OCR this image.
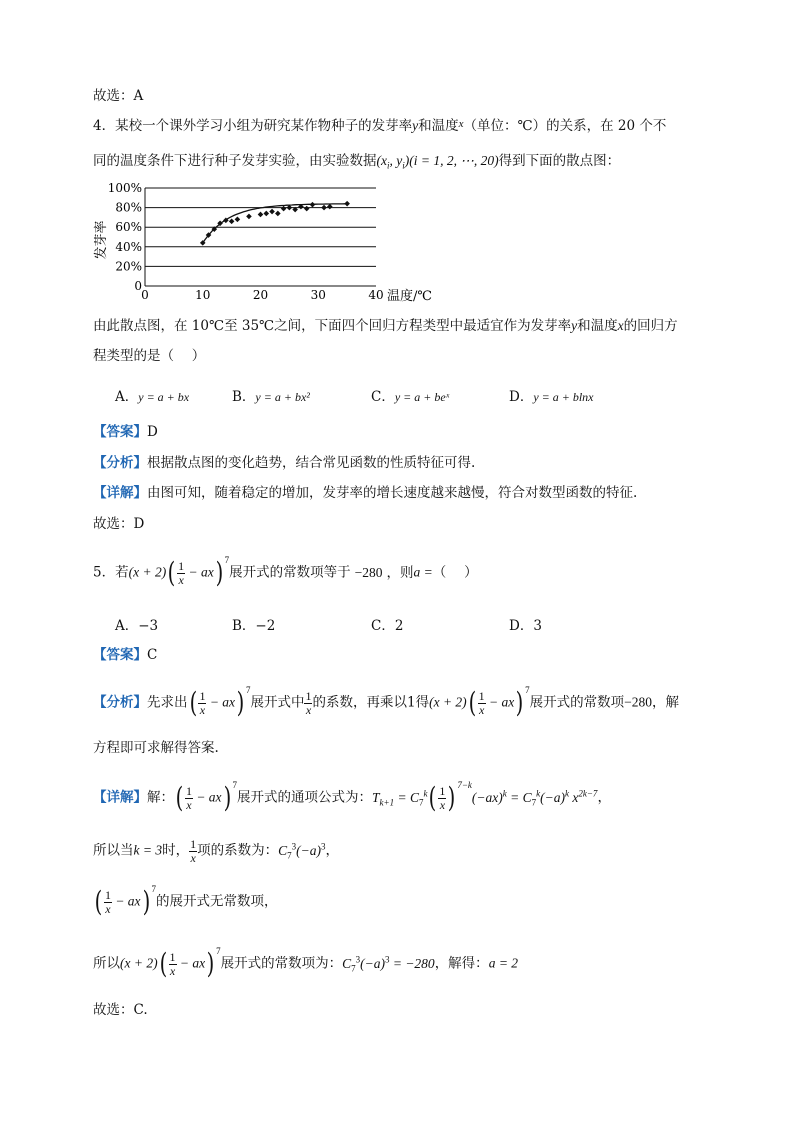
故选：A
4．某校一个课外学习小组为研究某作物种子的发芽率y和温度$^x$（单位：℃）的关系，在 20 个不
同的温度条件下进行种子发芽实验，由实验数据($x_i$, $y_i)(i = 1$, 2, ⋯, 20)得到下面的散点图：
0
20%
40%
60%
80%
100%
0	10	20	30	40
发芽率
温度/℃
由此散点图，在 10℃至 35℃之间，下面四个回归方程类型中最适宜作为发芽率y和温度x的回归方
程类型的是（　 ）
A．y = a + bx	B．y = a + bx²	C．y = a + beˣ	D．y = a + blnx
【答案】D
【分析】根据散点图的变化趋势，结合常见函数的性质特征可得.
【详解】由图可知，随着稳定的增加，发芽率的增长速度越来越慢，符合对数型函数的特征.
故选：D
5．若$(x + 2)( \frac{1}{x} - ax)$ $^7$展开式的常数项等于 −280 ，则a =（　 ）
A．−3	B．−2	C．2	D．3
【答案】C
【分析】先求出( $\frac{1}{x} - ax$) $^7$展开式中 $\frac{1}{x}$ 的系数，再乘以1得$(x + 2)( \frac{1}{x} - ax)$ $^7$展开式的常数项−280，解
方程即可求解得答案.
【详解】解：( $\frac{1}{x} - ax$) $^7$展开式的通项公式为：$T_{k+1} = C_7^k( \frac{1}{x}$ ) $^{7-k}(-ax)^k = C_7^k(-a)^k$ $x^{2k-7}$，
所以当k = 3时， $\frac{1}{x}$ 项的系数为：$C_7^3(-a)^3$，
( $\frac{1}{x} - ax$) $^7$的展开式无常数项，
所以$(x + 2)( \frac{1}{x} - ax)$ $^7$展开式的常数项为：$C_7^3(-a)^3 = -280$，解得：a = 2
故选：C.
